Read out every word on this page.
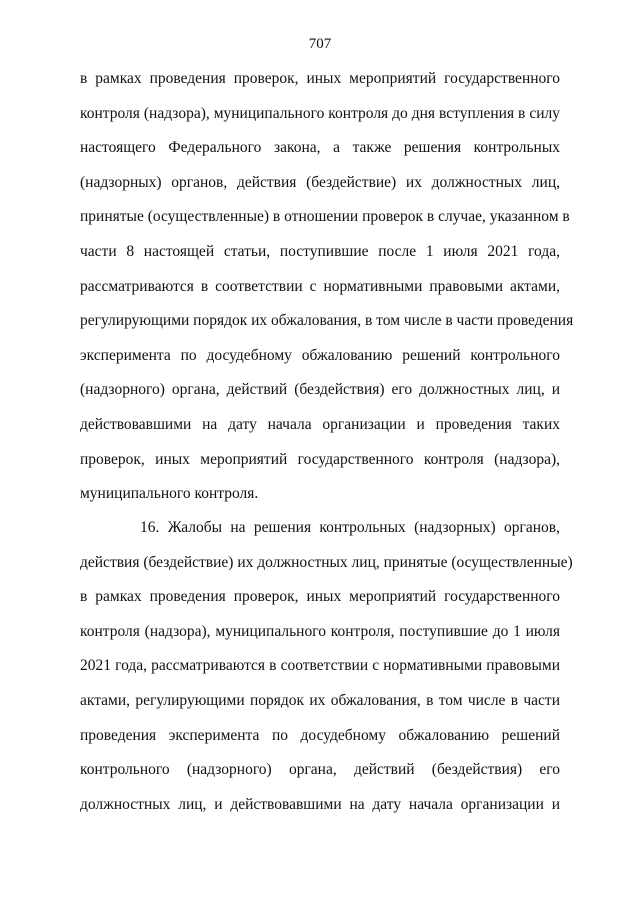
707
в рамках проведения проверок, иных мероприятий государственного
контроля (надзора), муниципального контроля до дня вступления в силу
настоящего Федерального закона, а также решения контрольных
(надзорных) органов, действия (бездействие) их должностных лиц,
принятые (осуществленные) в отношении проверок в случае, указанном в
части 8 настоящей статьи, поступившие после 1 июля 2021 года,
рассматриваются в соответствии с нормативными правовыми актами,
регулирующими порядок их обжалования, в том числе в части проведения
эксперимента по досудебному обжалованию решений контрольного
(надзорного) органа, действий (бездействия) его должностных лиц, и
действовавшими на дату начала организации и проведения таких
проверок, иных мероприятий государственного контроля (надзора),
муниципального контроля.
16. Жалобы на решения контрольных (надзорных) органов,
действия (бездействие) их должностных лиц, принятые (осуществленные)
в рамках проведения проверок, иных мероприятий государственного
контроля (надзора), муниципального контроля, поступившие до 1 июля
2021 года, рассматриваются в соответствии с нормативными правовыми
актами, регулирующими порядок их обжалования, в том числе в части
проведения эксперимента по досудебному обжалованию решений
контрольного (надзорного) органа, действий (бездействия) его
должностных лиц, и действовавшими на дату начала организации и
